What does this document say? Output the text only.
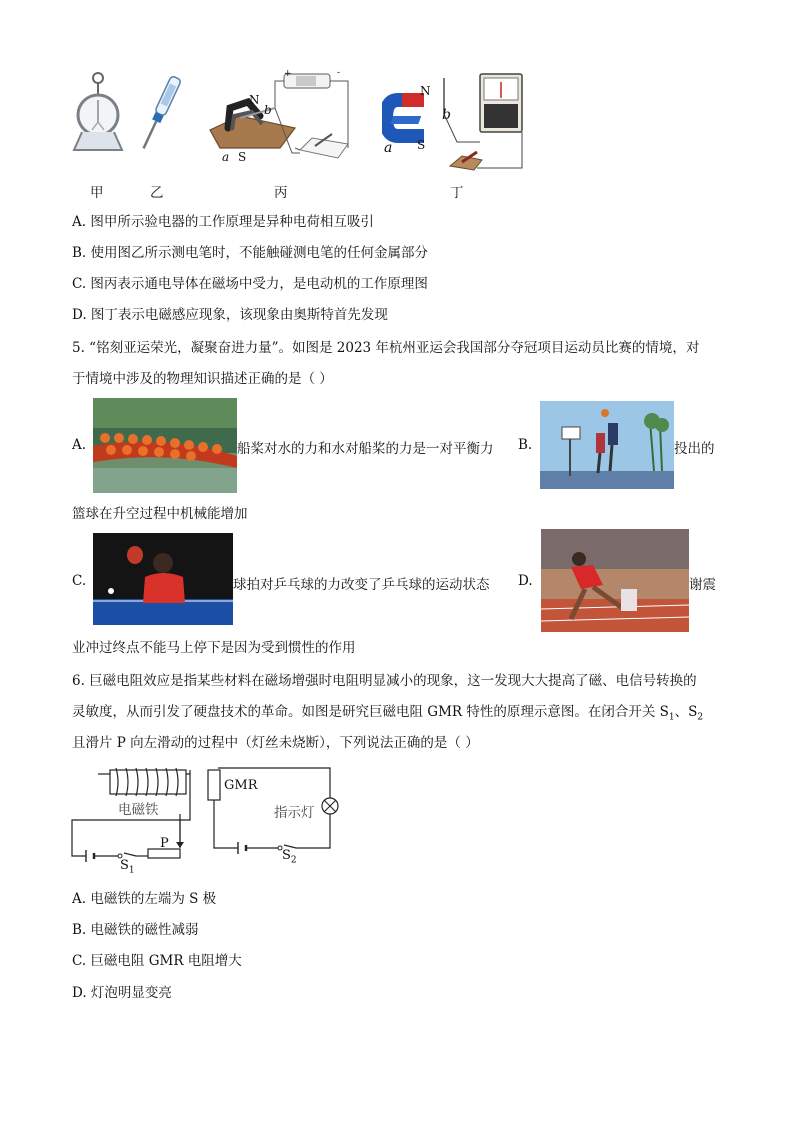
+	-
N
b
a S
N
b
a S
甲	乙	丙	丁
A. 图甲所示验电器的工作原理是异种电荷相互吸引
B. 使用图乙所示测电笔时，不能触碰测电笔的任何金属部分
C. 图丙表示通电导体在磁场中受力，是电动机的工作原理图
D. 图丁表示电磁感应现象，该现象由奥斯特首先发现
5. “铭刻亚运荣光，凝聚奋进力量”。如图是 2023 年杭州亚运会我国部分夺冠项目运动员比赛的情境，对
于情境中涉及的物理知识描述正确的是（ ）
A.	船桨对水的力和水对船桨的力是一对平衡力 B.	投出的
篮球在升空过程中机械能增加
C.	球拍对乒乓球的力改变了乒乓球的运动状态 D.	谢震
业冲过终点不能马上停下是因为受到惯性的作用
6. 巨磁电阻效应是指某些材料在磁场增强时电阻明显减小的现象，这一发现大大提高了磁、电信号转换的
灵敏度，从而引发了硬盘技术的革命。如图是研究巨磁电阻 GMR 特性的原理示意图。在闭合开关 $S_1$、$S_2$
且滑片 P 向左滑动的过程中（灯丝未烧断），下列说法正确的是（ ）
电磁铁
GMR
指示灯
P
$S_1$
$S_2$
A. 电磁铁的左端为 S 极
B. 电磁铁的磁性减弱
C. 巨磁电阻 GMR 电阻增大
D. 灯泡明显变亮
